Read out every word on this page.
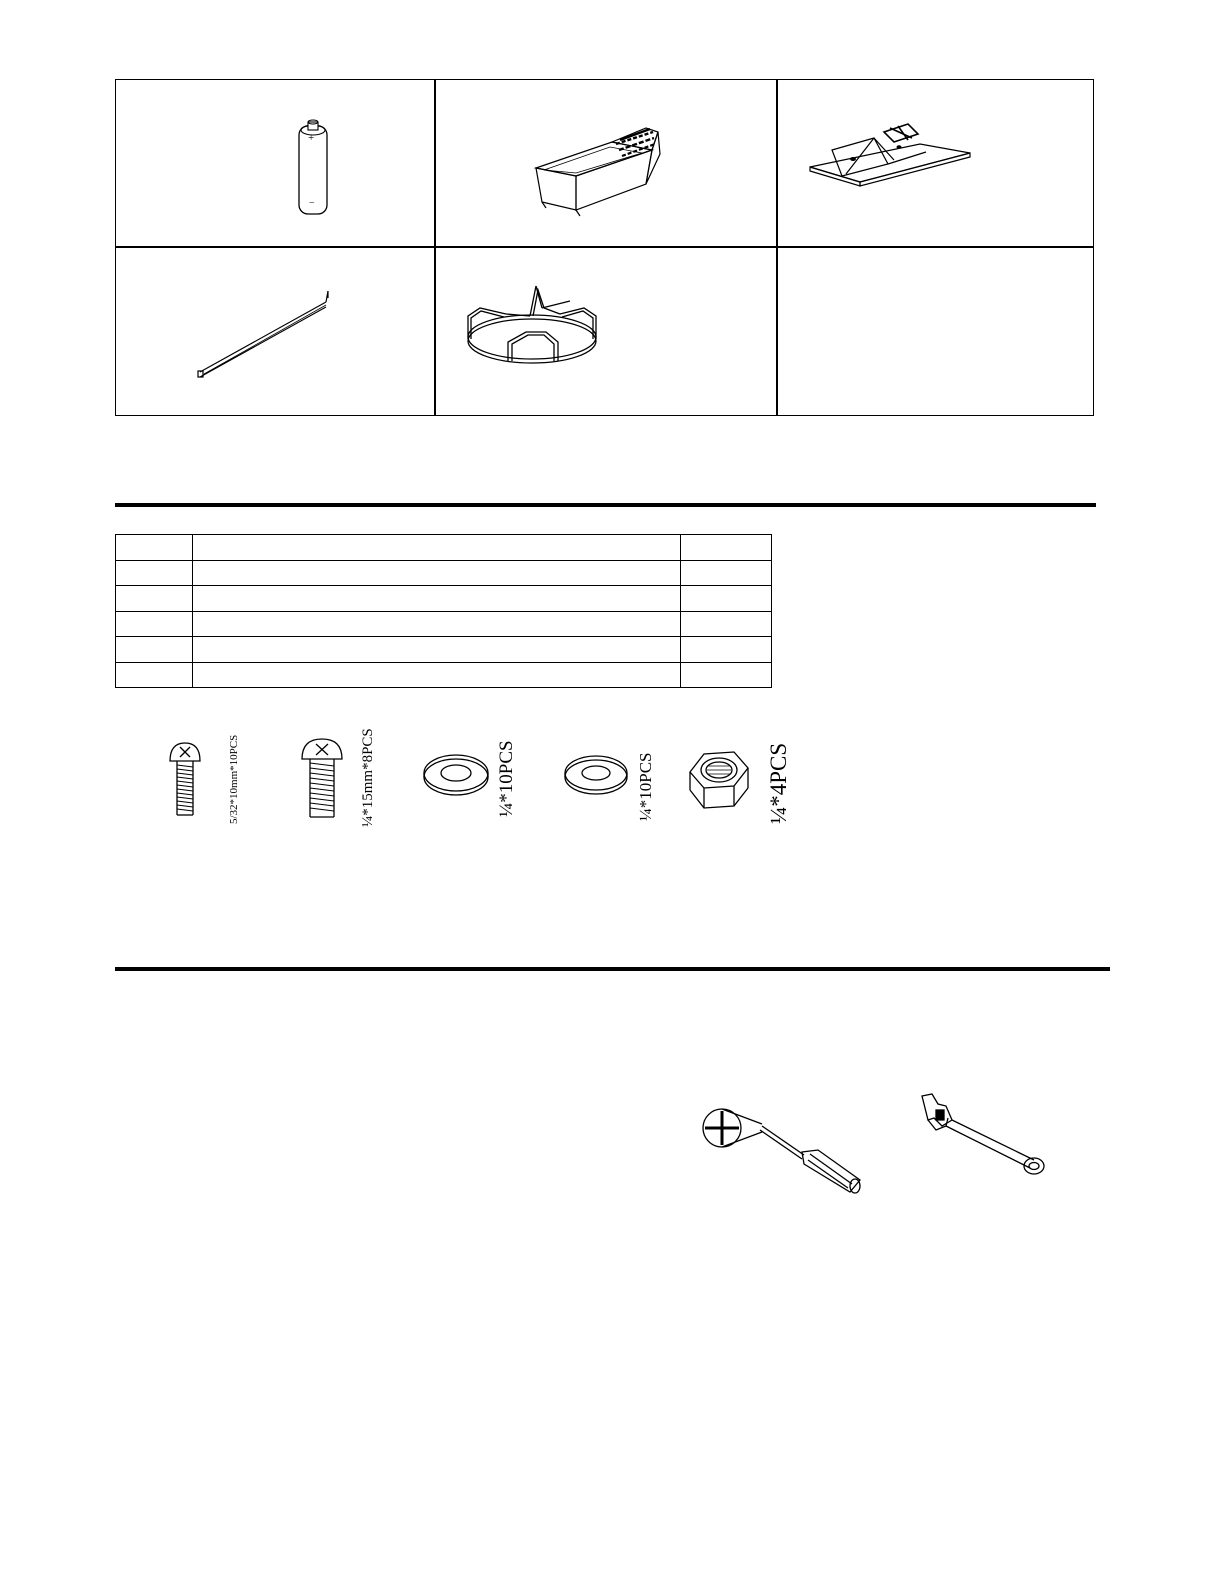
+
−

5/32*10mm*10PCS	¼*15mm*8PCS	¼*10PCS	¼*10PCS	¼*4PCS
